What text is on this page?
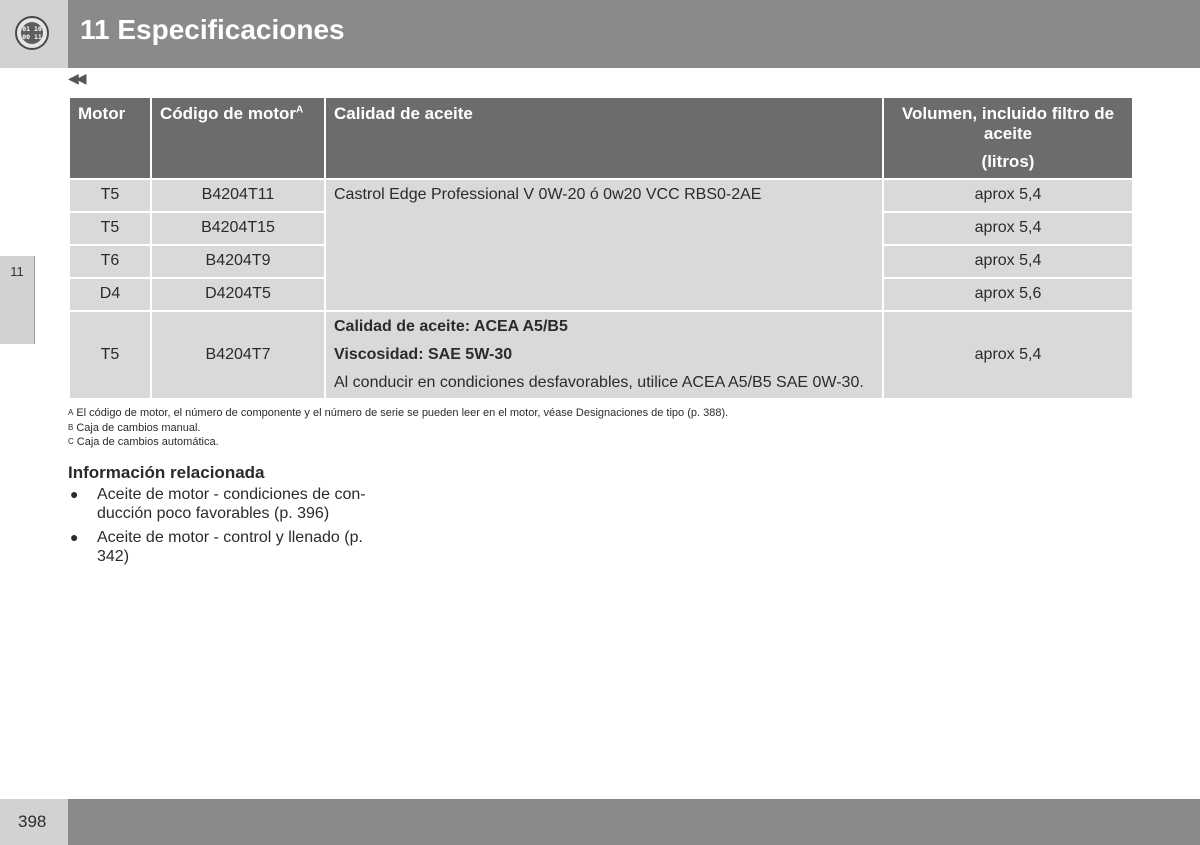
01 10
00 11 11 Especificaciones
◀◀
11
Motor	Código de motor$^A$	Calidad de aceite	Volumen, incluido filtro de aceite
(litros)

T5	B4204T11	Castrol Edge Professional V 0W-20 ó 0w20 VCC RBS0-2AE	aprox 5,4
T5	B4204T15		aprox 5,4
T6	B4204T9		aprox 5,4
D4	D4204T5		aprox 5,6
T5	B4204T7	Calidad de aceite: ACEA A5/B5

Viscosidad: SAE 5W-30

Al conducir en condiciones desfavorables, utilice ACEA A5/B5 SAE 0W-30.	aprox 5,4
A El código de motor, el número de componente y el número de serie se pueden leer en el motor, véase Designaciones de tipo (p. 388).
B Caja de cambios manual.
C Caja de cambios automática.
Información relacionada
● Aceite de motor - condiciones de con-
ducción poco favorables (p. 396)
● Aceite de motor - control y llenado (p.
342)
398
